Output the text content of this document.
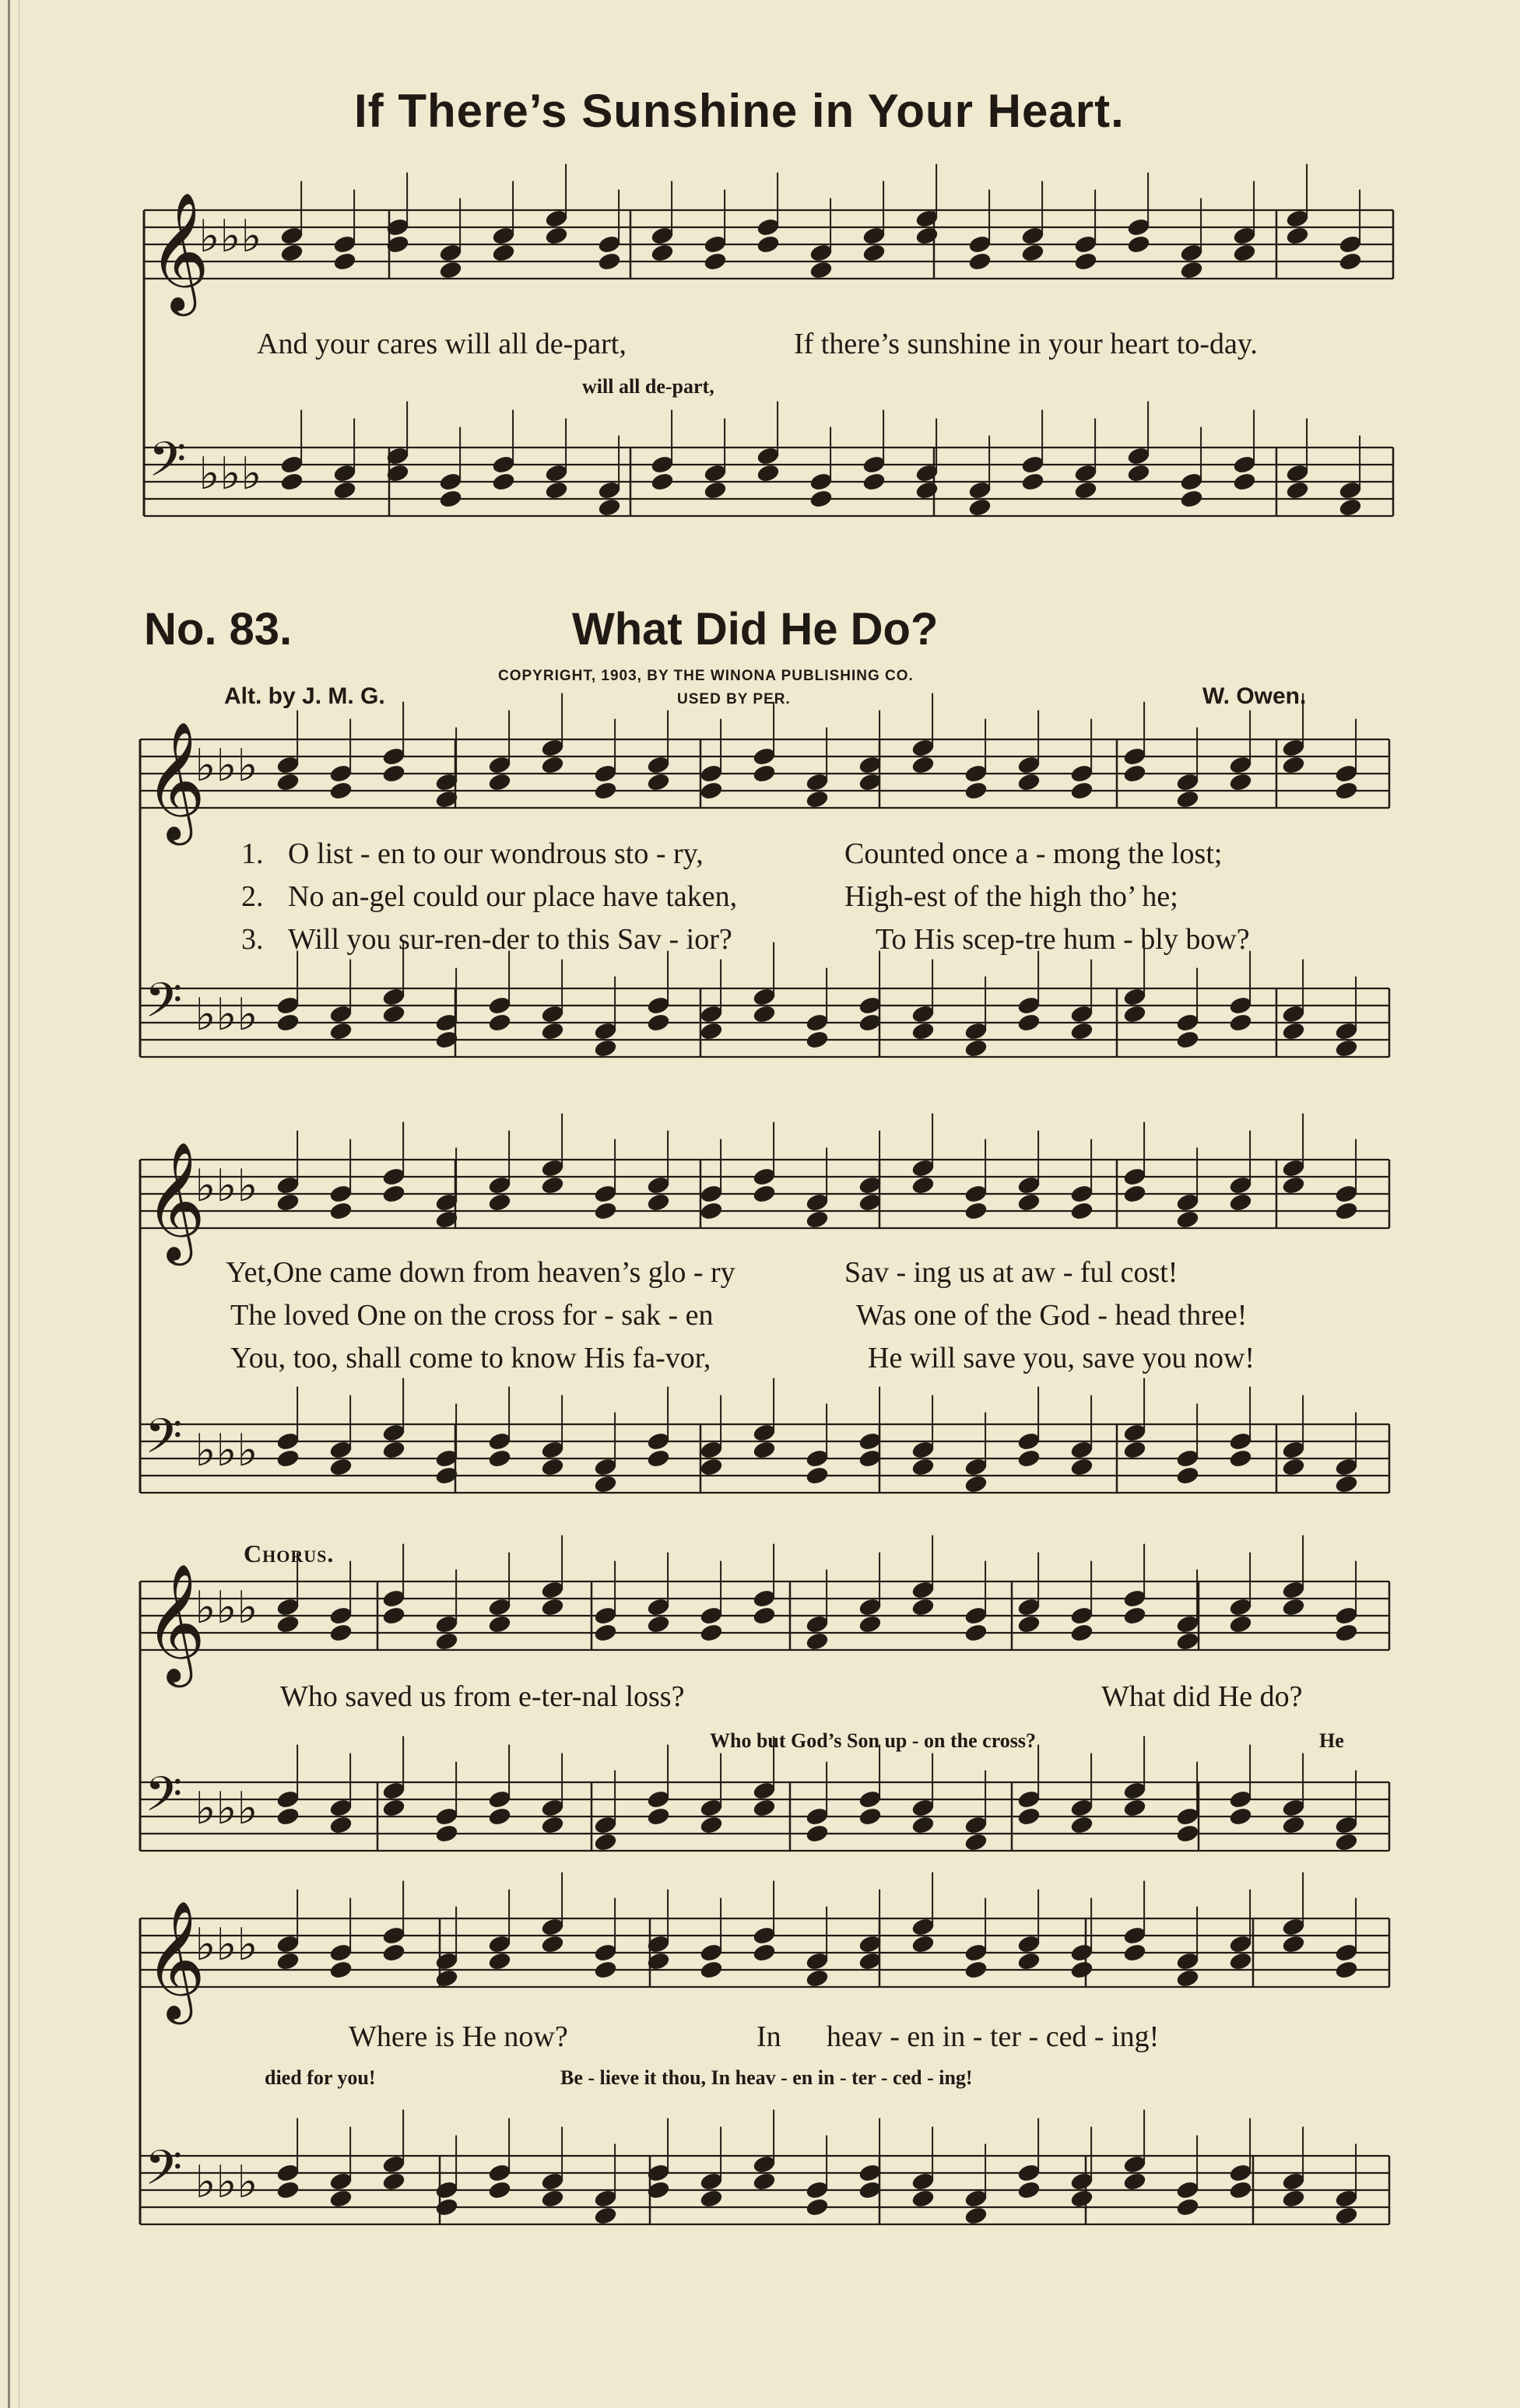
𝄞
♭♭♭
𝄢 ♭♭♭
𝄞
♭♭♭
𝄢 ♭♭♭
𝄞
♭♭♭
𝄢 ♭♭♭
𝄞
♭♭♭
𝄢 ♭♭♭
𝄞
♭♭♭
𝄢 ♭♭♭
If There’s Sunshine in Your Heart.
And your cares will all de-part,	If there’s sunshine in your heart to-day.
will all de-part,
No. 83.	What Did He Do?
COPYRIGHT, 1903, BY THE WINONA PUBLISHING CO.
USED BY PER.
Alt. by J. M. G.	W. Owen.
1. O list - en to our wondrous sto - ry,	Counted once a - mong the lost;
2. No an-gel could our place have taken,	High-est of the high tho’ he;
3. Will you sur-ren-der to this Sav - ior?	To His scep-tre hum - bly bow?
Yet,One came down from heaven’s glo - ry	Sav - ing us at aw - ful cost!
The loved One on the cross for - sak - en	Was one of the God - head three!
You, too, shall come to know His fa-vor,	He will save you, save you now!
Chorus.
Who saved us from e-ter-nal loss?	What did He do?
Who but God’s Son up - on the cross?	He
Where is He now?	In heav - en in - ter - ced - ing!
died for you!	Be - lieve it thou, In heav - en in - ter - ced - ing!
